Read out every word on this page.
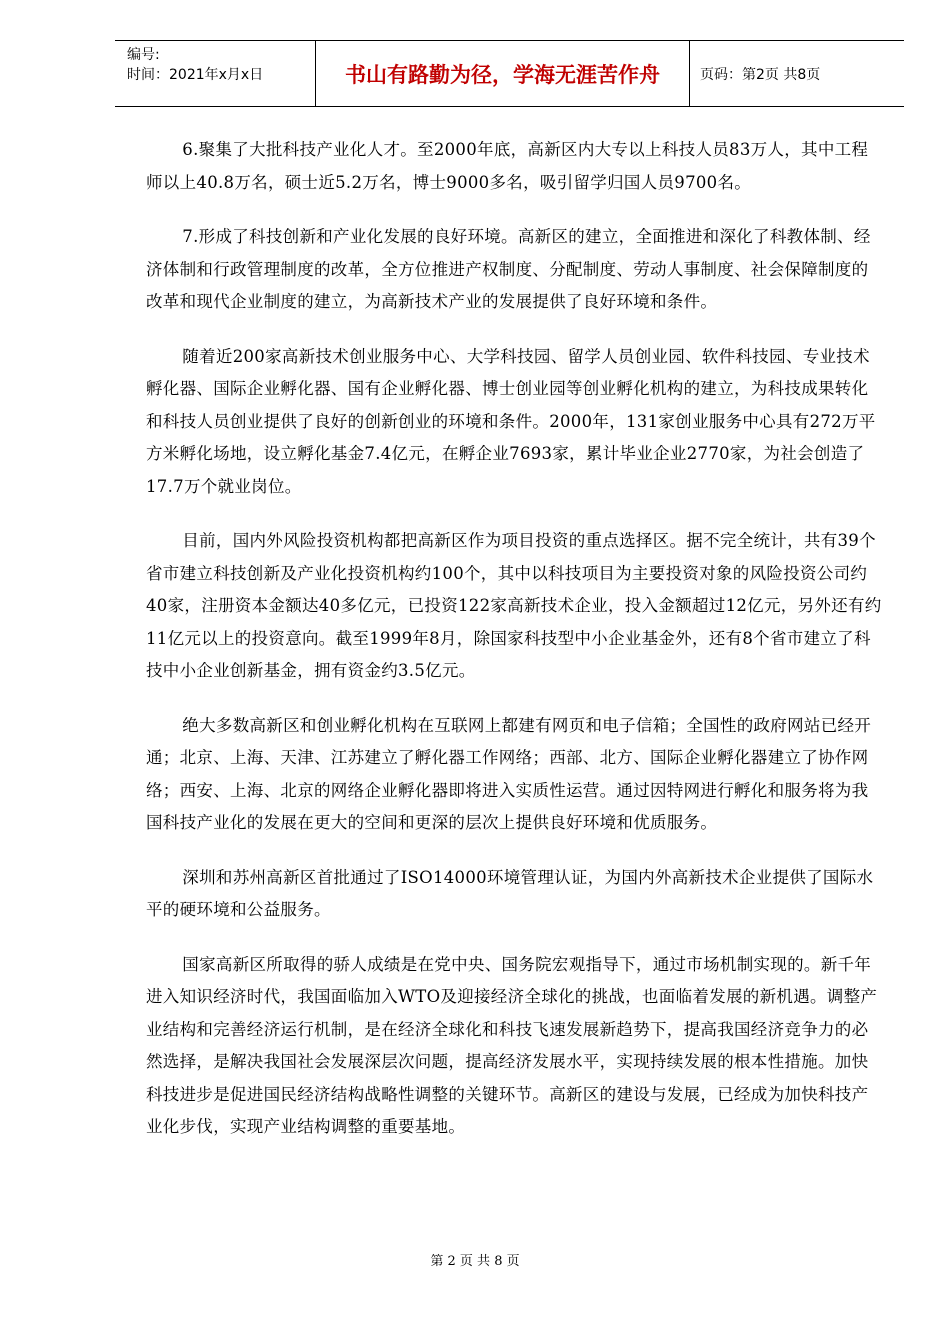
编号:
时间：2021年x月x日	书山有路勤为径，学海无涯苦作舟	页码：第2页 共8页

6.聚集了大批科技产业化人才。至2000年底，高新区内大专以上科技人员83万人，其中工程师以上40.8万名，硕士近5.2万名，博士9000多名，吸引留学归国人员9700名。

7.形成了科技创新和产业化发展的良好环境。高新区的建立，全面推进和深化了科教体制、经济体制和行政管理制度的改革，全方位推进产权制度、分配制度、劳动人事制度、社会保障制度的改革和现代企业制度的建立，为高新技术产业的发展提供了良好环境和条件。

随着近200家高新技术创业服务中心、大学科技园、留学人员创业园、软件科技园、专业技术孵化器、国际企业孵化器、国有企业孵化器、博士创业园等创业孵化机构的建立，为科技成果转化和科技人员创业提供了良好的创新创业的环境和条件。2000年，131家创业服务中心具有272万平方米孵化场地，设立孵化基金7.4亿元，在孵企业7693家，累计毕业企业2770家，为社会创造了17.7万个就业岗位。

目前，国内外风险投资机构都把高新区作为项目投资的重点选择区。据不完全统计，共有39个省市建立科技创新及产业化投资机构约100个，其中以科技项目为主要投资对象的风险投资公司约40家，注册资本金额达40多亿元，已投资122家高新技术企业，投入金额超过12亿元，另外还有约11亿元以上的投资意向。截至1999年8月，除国家科技型中小企业基金外，还有8个省市建立了科技中小企业创新基金，拥有资金约3.5亿元。

绝大多数高新区和创业孵化机构在互联网上都建有网页和电子信箱；全国性的政府网站已经开通；北京、上海、天津、江苏建立了孵化器工作网络；西部、北方、国际企业孵化器建立了协作网络；西安、上海、北京的网络企业孵化器即将进入实质性运营。通过因特网进行孵化和服务将为我国科技产业化的发展在更大的空间和更深的层次上提供良好环境和优质服务。

深圳和苏州高新区首批通过了ISO14000环境管理认证，为国内外高新技术企业提供了国际水平的硬环境和公益服务。

国家高新区所取得的骄人成绩是在党中央、国务院宏观指导下，通过市场机制实现的。新千年进入知识经济时代，我国面临加入WTO及迎接经济全球化的挑战，也面临着发展的新机遇。调整产业结构和完善经济运行机制，是在经济全球化和科技飞速发展新趋势下，提高我国经济竞争力的必然选择，是解决我国社会发展深层次问题，提高经济发展水平，实现持续发展的根本性措施。加快科技进步是促进国民经济结构战略性调整的关键环节。高新区的建设与发展，已经成为加快科技产业化步伐，实现产业结构调整的重要基地。

第 2 页 共 8 页
